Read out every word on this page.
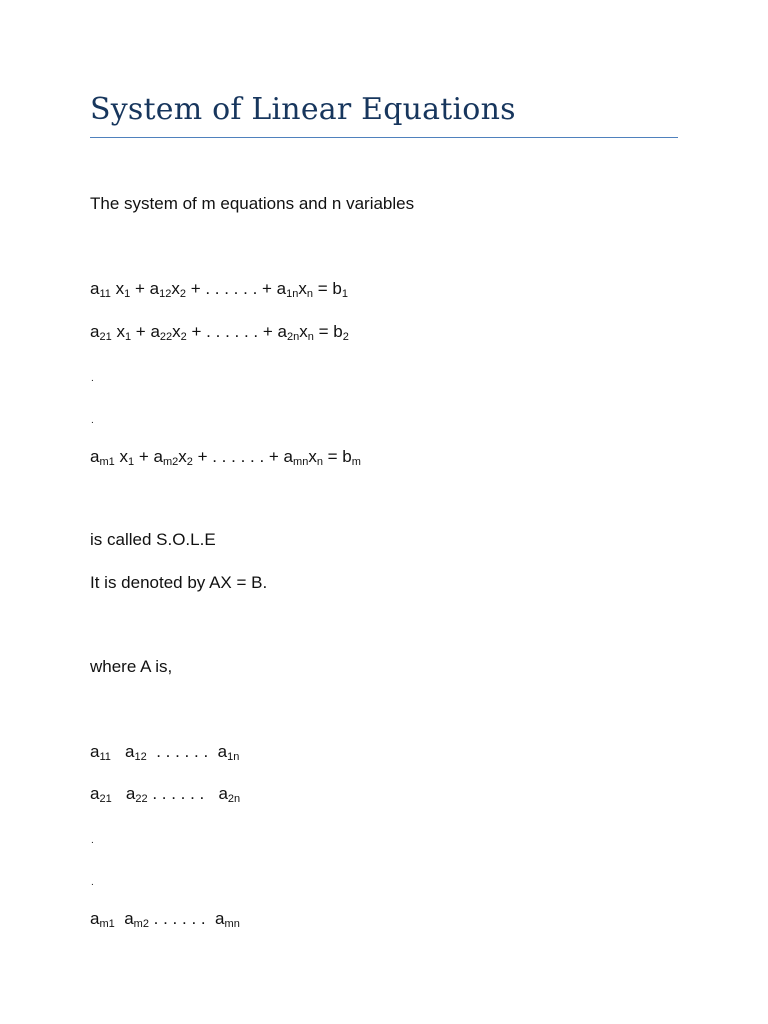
System of Linear Equations
The system of m equations and n variables
$a_{11}$ $x_1 + a_{12}x_2$ + . . . . . . + $a_{1n}x_n = b_1$
$a_{21}$ $x_1 + a_{22}x_2$ + . . . . . . + $a_{2n}x_n = b_2$
.
.
$a_{m1}$ $x_1 + a_{m2}x_2$ + . . . . . . + $a_{mn}x_n = b_m$
is called S.O.L.E
It is denoted by AX = B.
where A is,
$a_{11}$   $a_{12}$  . . . . . .  $a_{1n}$
$a_{21}$   $a_{22}$ . . . . . .   $a_{2n}$
.
.
$a_{m1}$  $a_{m2}$ . . . . . .  $a_{mn}$
